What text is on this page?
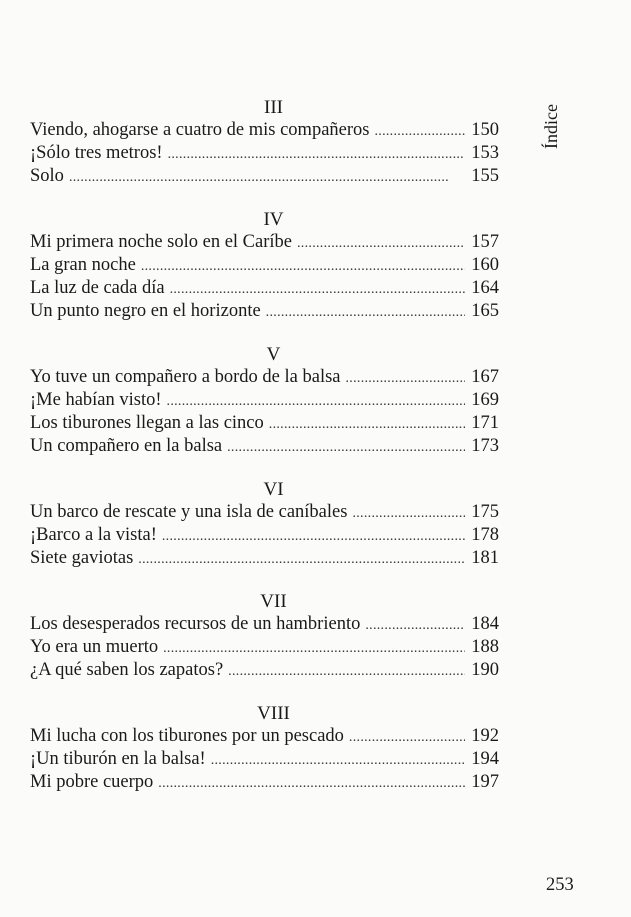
Índice
III
Viendo, ahogarse a cuatro de mis compañeros . . .	150
¡Sólo tres metros! . . .	153
Solo . . .	155
IV
Mi primera noche solo en el Caríbe . . .	157
La gran noche . . .	160
La luz de cada día . . .	164
Un punto negro en el horizonte . . .	165
V
Yo tuve un compañero a bordo de la balsa . . .	167
¡Me habían visto! . . .	169
Los tiburones llegan a las cinco . . .	171
Un compañero en la balsa . . .	173
VI
Un barco de rescate y una isla de caníbales . . .	175
¡Barco a la vista! . . .	178
Siete gaviotas . . .	181
VII
Los desesperados recursos de un hambriento . . .	184
Yo era un muerto . . .	188
¿A qué saben los zapatos? . . .	190
VIII
Mi lucha con los tiburones por un pescado . . .	192
¡Un tiburón en la balsa! . . .	194
Mi pobre cuerpo . . .	197
253
